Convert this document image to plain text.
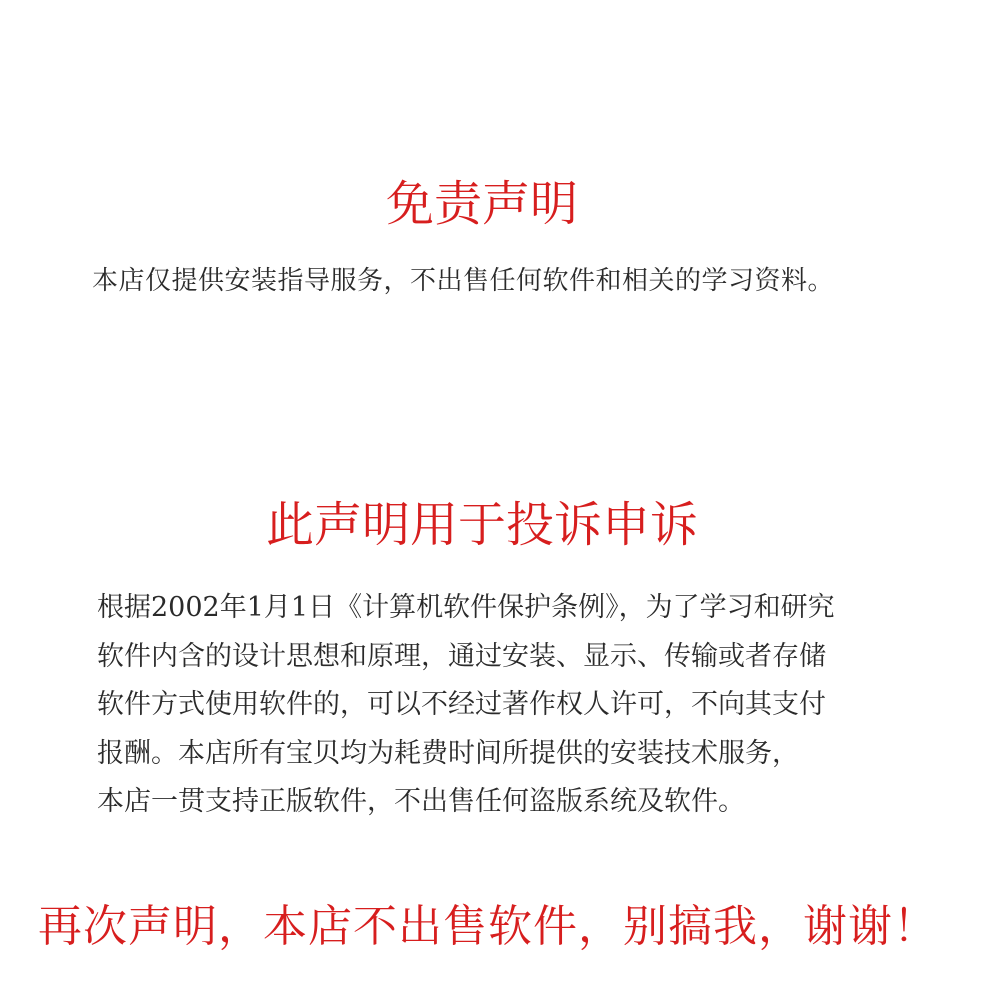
免责声明
本店仅提供安装指导服务，不出售任何软件和相关的学习资料。
此声明用于投诉申诉
根据2002年1月1日《计算机软件保护条例》，为了学习和研究
软件内含的设计思想和原理，通过安装、显示、传输或者存储
软件方式使用软件的，可以不经过著作权人许可，不向其支付
报酬。本店所有宝贝均为耗费时间所提供的安装技术服务，
本店一贯支持正版软件，不出售任何盗版系统及软件。
再次声明，本店不出售软件，别搞我，谢谢！
